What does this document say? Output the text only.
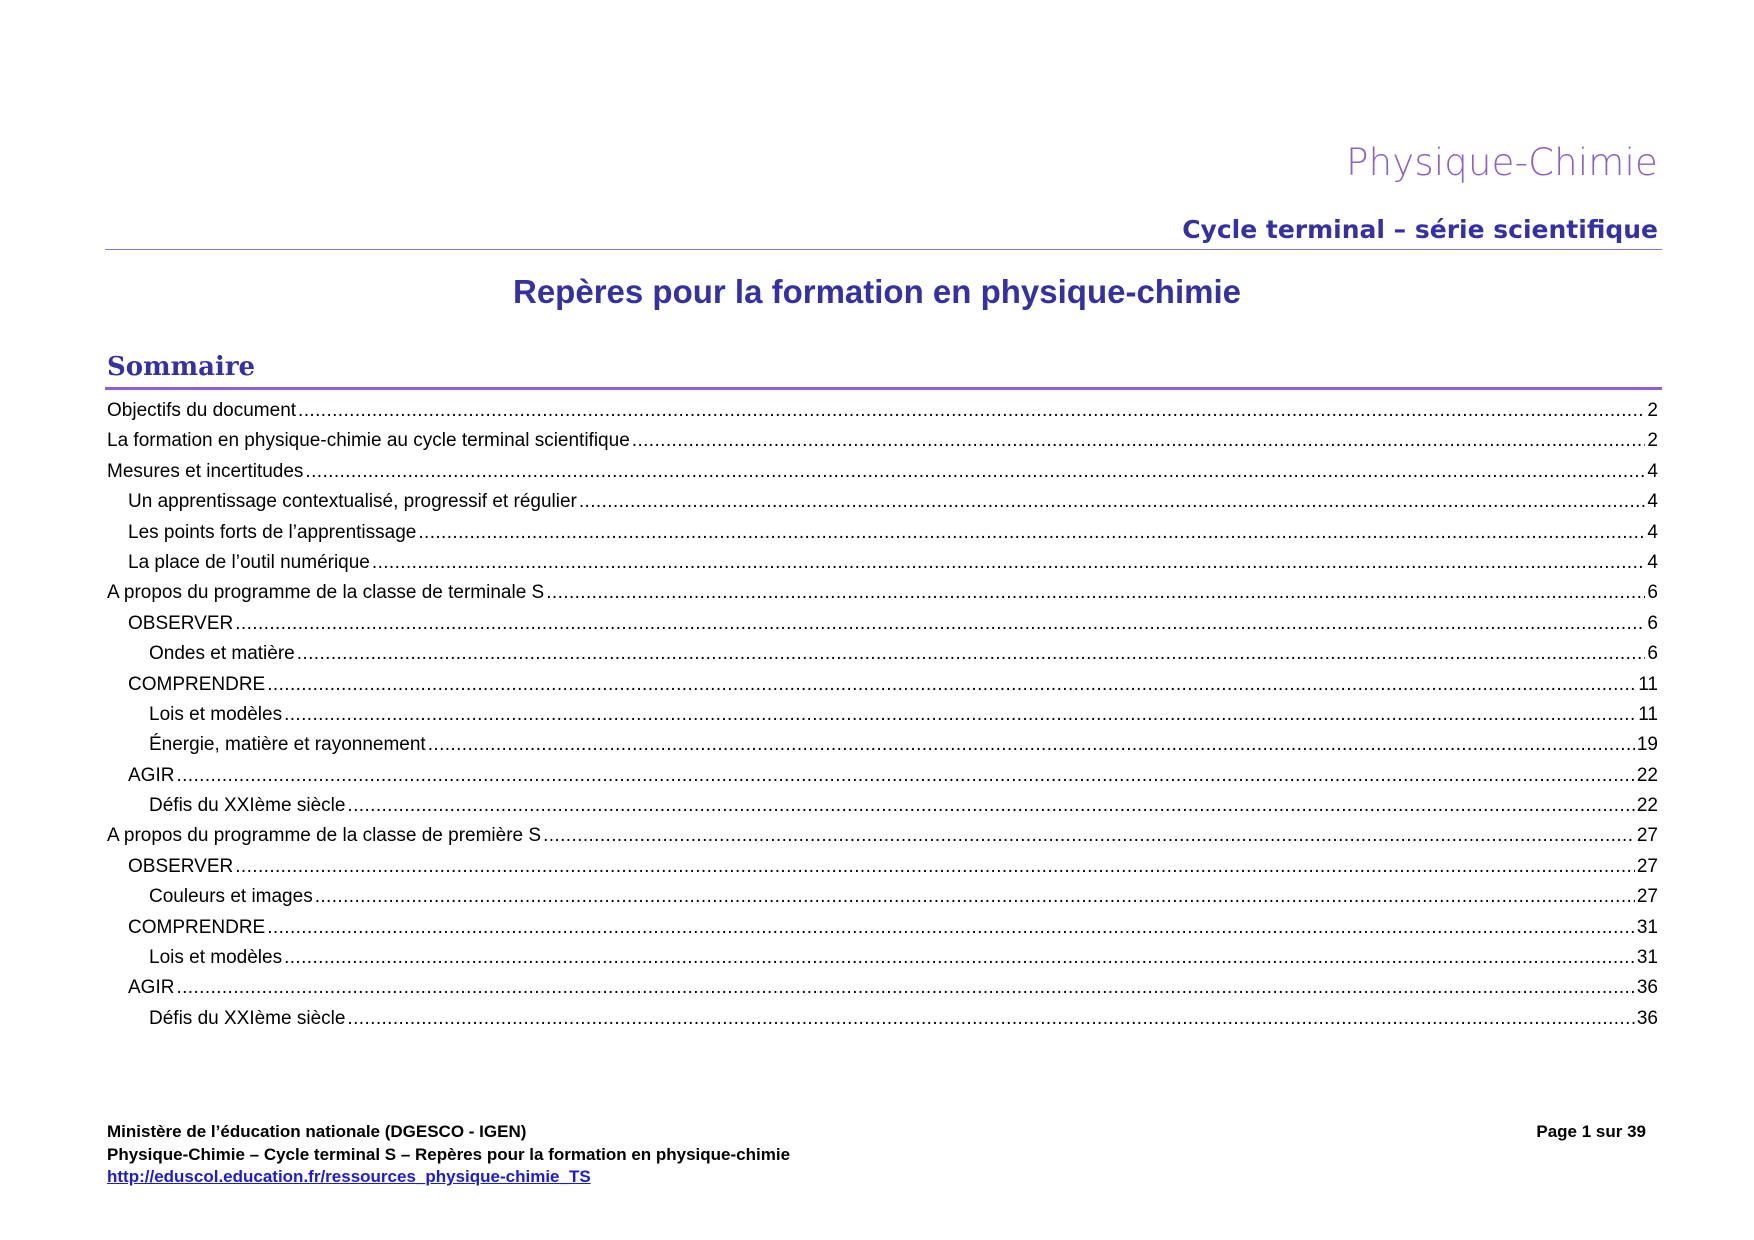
Physique-Chimie
Cycle terminal – série scientifique
Repères pour la formation en physique-chimie
Sommaire
Objectifs du document .....	2
La formation en physique-chimie au cycle terminal scientifique .....	2
Mesures et incertitudes .....	4
Un apprentissage contextualisé, progressif et régulier .....	4
Les points forts de l’apprentissage .....	4
La place de l’outil numérique .....	4
A propos du programme de la classe de terminale S .....	6
OBSERVER .....	6
Ondes et matière .....	6
COMPRENDRE .....	11
Lois et modèles .....	11
Énergie, matière et rayonnement .....	19
AGIR .....	22
Défis du XXIème siècle .....	22
A propos du programme de la classe de première S .....	27
OBSERVER .....	27
Couleurs et images .....	27
COMPRENDRE .....	31
Lois et modèles .....	31
AGIR .....	36
Défis du XXIème siècle .....	36
Ministère de l’éducation nationale (DGESCO - IGEN)	Page 1 sur 39
Physique-Chimie – Cycle terminal S – Repères pour la formation en physique-chimie
http://eduscol.education.fr/ressources_physique-chimie_TS
